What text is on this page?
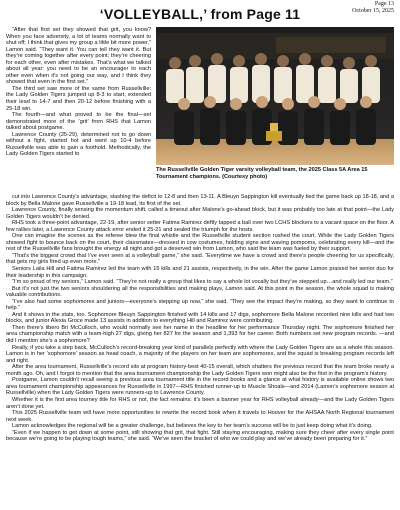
Page 13
October 15, 2025
‘VOLLEYBALL,’ from Page 11

“After that first set they showed that grit, you know? When you face adversity, a lot of teams normally want to shut off; I think that gives my group a little bit more power,” Lamon said. “They want it. You can tell they want it. But they’re coming together after every point; they’re cheering for each other, even after mistakes. That’s what we talked about all year: you need to be an encourager to each other even when it’s not going our way, and I think they showed that even in the first set.”

The third set saw more of the same from Russellville: the Lady Golden Tigers jumped up 8-3 to start, extended their lead to 14-7 and then 20-12 before finishing with a 25-18 win.

The fourth—and what proved to be the final—set demonstrated more of the ‘grit’ from RHS that Lamon talked about postgame.

Lawrence County (25-29), determined not to go down without a fight, started hot and went up 10-4 before Russellville was able to gain a foothold. Methodically, the Lady Golden Tigers started to

The Russellville Golden Tiger varsity volleyball team, the 2025 Class 5A Area 15 Tournament champions. (Courtesy photo)

cut into Lawrence County’s advantage, slashing the deficit to 12-8 and then 13-11. A Bleuyn Sappington kill eventually tied the game back up 18-18, and a block by Bella Malone gave Russellville a 19-18 lead, its first of the set.

Lawrence County, finally sensing the momentum shift, called a timeout after Malone’s go-ahead block, but it was probably too late at that point—the Lady Golden Tigers wouldn’t be denied.

RHS took a three-point advantage, 22-19, after senior setter Fatima Ramirez deftly tapped a ball over two LCHS blockers to a vacant space on the floor. A few rallies later, a Lawrence County attack error ended it 25-21 and sealed the triumph for the hosts.

One can imagine the scenes as the referee blew the final whistle and the Russellville student section rushed the court. While the Lady Golden Tigers showed fight to bounce back on the court, their classmates—dressed in cow costumes, holding signs and waving pompoms, celebrating every kill—and the rest of the Russellville fans brought the energy all night and got a deserved win from Lamon, who said the team was fueled by their support.

“That’s the biggest crowd that I’ve ever seen at a volleyball game,” she said. “Everytime we have a crowd and there’s people cheering for us specifically, that gets my girls fired up even more.”

Seniors Laila Hill and Fatima Ramirez led the team with 15 kills and 21 assists, respectively, in the win. After the game Lamon praised her senior duo for their leadership in this campaign.

“I’m so proud of my seniors,” Lamon said. “They’re not really a group that likes to say a whole lot vocally but they’ve stepped up…and really led our team.”

But it’s not just the two seniors shouldering all the responsibilities and making plays, Lamon said. At this point in the season, the whole squad is making valuable contributions.

“I’ve also had some sophomores and juniors—everyone’s stepping up now,” she said. “They see the impact they’re making, so they want to continue to help.”

And it shows in the stats, too. Sophomore Bleuyn Sappington finished with 14 kills and 17 digs, sophomore Bella Malone recorded nine kills and had two blocks, and junior Alexia Groce made 13 assists in addition to everything Hill and Ramirez were contributing.

Then there’s libero Bri McCulloch, who would normally see her name in the headline for her performance Thursday night. The sophomore finished her area championship match with a team-high 27 digs, giving her 827 for the season and 1,393 for her career. Both numbers set new program records. —and did I mention she’s a sophomore?

Really, if you take a step back, McCulloch’s record-breaking year kind of parallels perfectly with where the Lady Golden Tigers are as a whole this season. Lamon is in her ‘sophomore’ season as head coach, a majority of the players on her team are sophomores, and the squad is breaking program records left and right.

After the area tournament, Russellville’s record sits at program history-best 40-15 overall, which shatters the previous record that the team broke nearly a month ago. Oh, and I forgot to mention that the area tournament championship the Lady Golden Tigers won might also be the first in the program’s history.

Postgame, Lamon couldn’t recall seeing a previous area tournament title in the record books and a glance at what history is available online shows two area tournament championship appearances for Russellville in 1997—RHS finished runner-up to Muscle Shoals—and 2014 (Lamon’s sophomore season at Russellville) when the Lady Golden Tigers were runners-up to Lawrence County.

Whether it is the first area tourney title for RHS or not, the fact remains: it’s been a banner year for RHS volleyball already—and the Lady Golden Tigers aren’t done yet.

This 2025 Russellville team will have more opportunities to rewrite the record book when it travels to Hoover for the AHSAA North Regional tournament next week.

Lamon acknowledges the regional will be a greater challenge, but believes the key to her team’s success will be to just keep doing what it’s doing.

“Even if we happen to get down at some point, still showing that grit, that fight. Still staying encouraging, making sure they cheer after every single point because we’re going to be playing tough teams,” she said. “We’ve seen the bracket of who we could play and we’ve already been preparing for it.”
